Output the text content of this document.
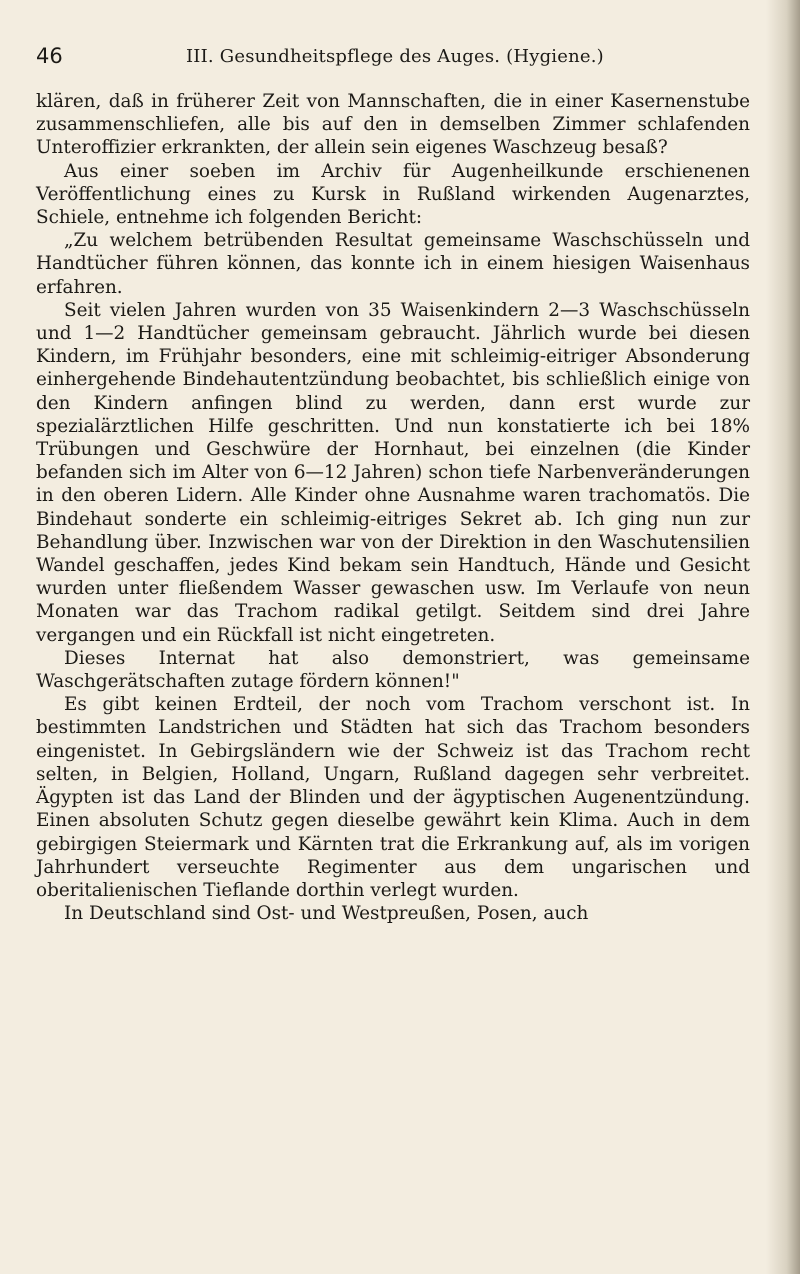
46	III. Gesundheitspflege des Auges. (Hygiene.)

klären, daß in früherer Zeit von Mannschaften, die in einer Kasernenstube zusammenschliefen, alle bis auf den in demselben Zimmer schlafenden Unteroffizier erkrankten, der allein sein eigenes Waschzeug besaß?

Aus einer soeben im Archiv für Augenheilkunde erschienenen Veröffentlichung eines zu Kursk in Rußland wirkenden Augenarztes, Schiele, entnehme ich folgenden Bericht:

„Zu welchem betrübenden Resultat gemeinsame Waschschüsseln und Handtücher führen können, das konnte ich in einem hiesigen Waisenhaus erfahren.

Seit vielen Jahren wurden von 35 Waisenkindern 2—3 Waschschüsseln und 1—2 Handtücher gemeinsam gebraucht. Jährlich wurde bei diesen Kindern, im Frühjahr besonders, eine mit schleimig-eitriger Absonderung einhergehende Bindehautentzündung beobachtet, bis schließlich einige von den Kindern anfingen blind zu werden, dann erst wurde zur spezialärztlichen Hilfe geschritten. Und nun konstatierte ich bei 18% Trübungen und Geschwüre der Hornhaut, bei einzelnen (die Kinder befanden sich im Alter von 6—12 Jahren) schon tiefe Narbenveränderungen in den oberen Lidern. Alle Kinder ohne Ausnahme waren trachomatös. Die Bindehaut sonderte ein schleimig-eitriges Sekret ab. Ich ging nun zur Behandlung über. Inzwischen war von der Direktion in den Waschutensilien Wandel geschaffen, jedes Kind bekam sein Handtuch, Hände und Gesicht wurden unter fließendem Wasser gewaschen usw. Im Verlaufe von neun Monaten war das Trachom radikal getilgt. Seitdem sind drei Jahre vergangen und ein Rückfall ist nicht eingetreten.

Dieses Internat hat also demonstriert, was gemeinsame Waschgerätschaften zutage fördern können!"

Es gibt keinen Erdteil, der noch vom Trachom verschont ist. In bestimmten Landstrichen und Städten hat sich das Trachom besonders eingenistet. In Gebirgsländern wie der Schweiz ist das Trachom recht selten, in Belgien, Holland, Ungarn, Rußland dagegen sehr verbreitet. Ägypten ist das Land der Blinden und der ägyptischen Augenentzündung. Einen absoluten Schutz gegen dieselbe gewährt kein Klima. Auch in dem gebirgigen Steiermark und Kärnten trat die Erkrankung auf, als im vorigen Jahrhundert verseuchte Regimenter aus dem ungarischen und oberitalienischen Tieflande dorthin verlegt wurden.

In Deutschland sind Ost- und Westpreußen, Posen, auch
